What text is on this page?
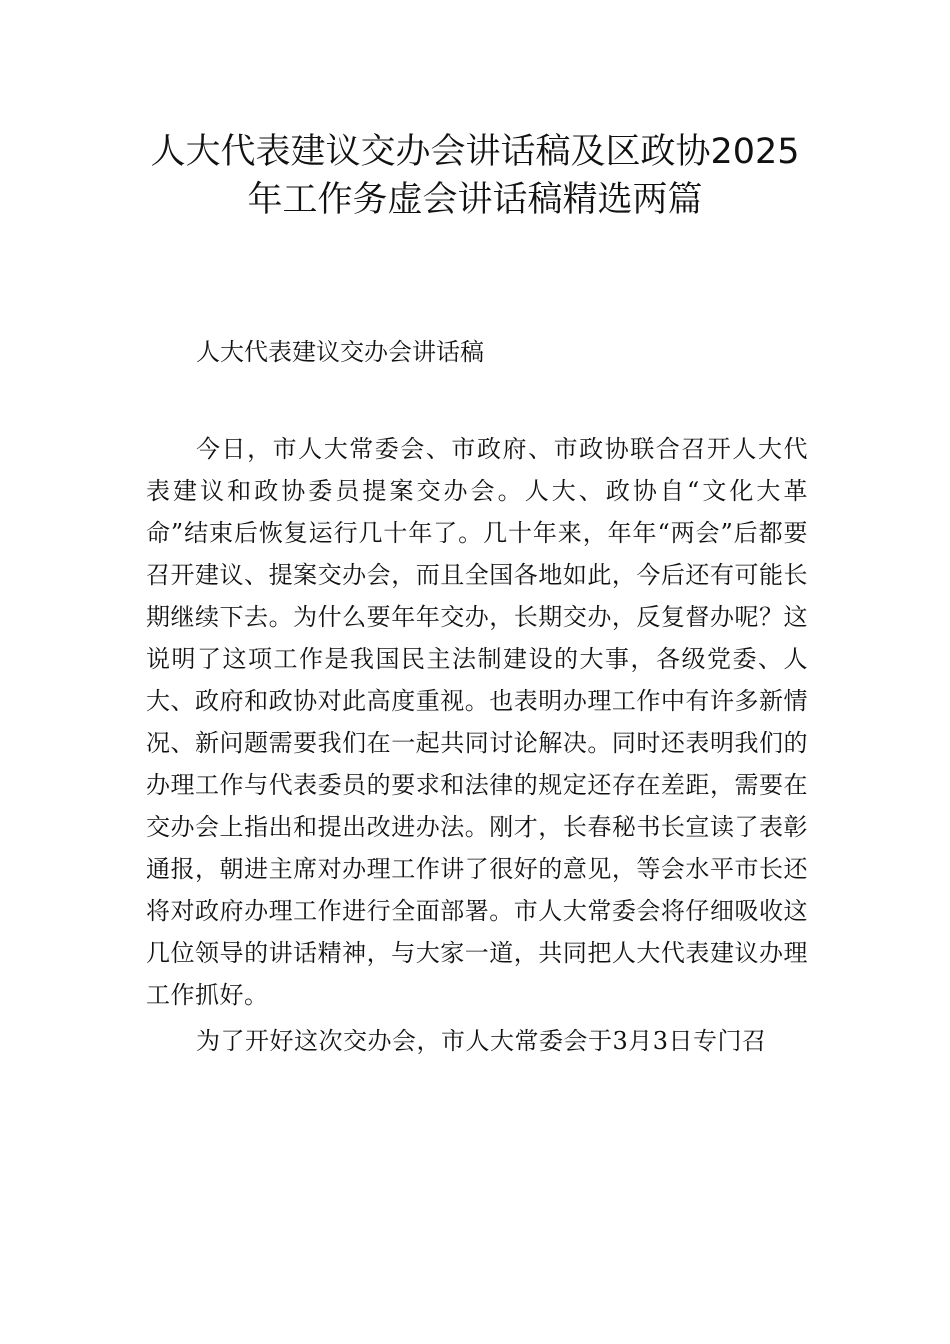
人大代表建议交办会讲话稿及区政协2025
年工作务虚会讲话稿精选两篇

人大代表建议交办会讲话稿

今日，市人大常委会、市政府、市政协联合召开人大代表建议和政协委员提案交办会。人大、政协自“文化大革命”结束后恢复运行几十年了。几十年来，年年“两会”后都要召开建议、提案交办会，而且全国各地如此，今后还有可能长期继续下去。为什么要年年交办，长期交办，反复督办呢？这说明了这项工作是我国民主法制建设的大事，各级党委、人大、政府和政协对此高度重视。也表明办理工作中有许多新情况、新问题需要我们在一起共同讨论解决。同时还表明我们的办理工作与代表委员的要求和法律的规定还存在差距，需要在交办会上指出和提出改进办法。刚才，长春秘书长宣读了表彰通报，朝进主席对办理工作讲了很好的意见，等会水平市长还将对政府办理工作进行全面部署。市人大常委会将仔细吸收这几位领导的讲话精神，与大家一道，共同把人大代表建议办理工作抓好。

为了开好这次交办会，市人大常委会于3月3日专门召
